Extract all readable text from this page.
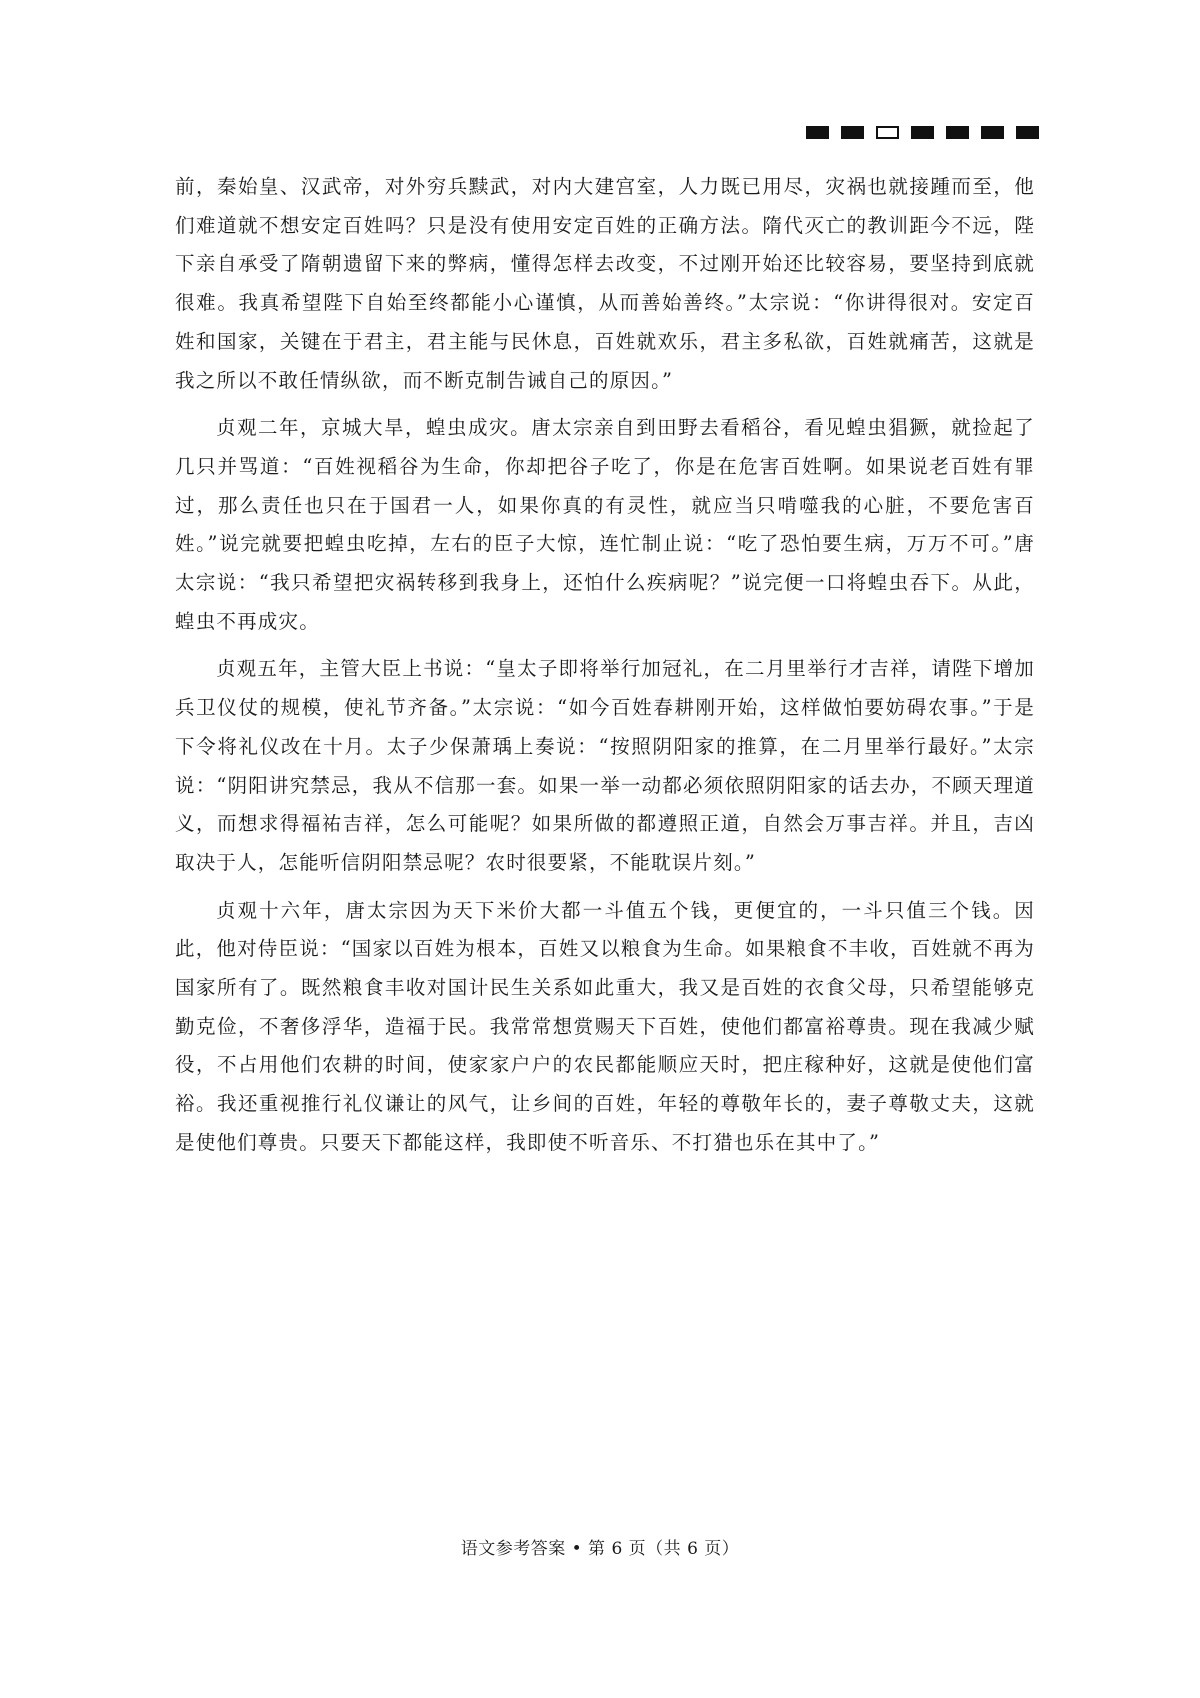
前，秦始皇、汉武帝，对外穷兵黩武，对内大建宫室，人力既已用尽，灾祸也就接踵而至，他们难道就不想安定百姓吗？只是没有使用安定百姓的正确方法。隋代灭亡的教训距今不远，陛下亲自承受了隋朝遗留下来的弊病，懂得怎样去改变，不过刚开始还比较容易，要坚持到底就很难。我真希望陛下自始至终都能小心谨慎，从而善始善终。”太宗说：“你讲得很对。安定百姓和国家，关键在于君主，君主能与民休息，百姓就欢乐，君主多私欲，百姓就痛苦，这就是我之所以不敢任情纵欲，而不断克制告诫自己的原因。”

贞观二年，京城大旱，蝗虫成灾。唐太宗亲自到田野去看稻谷，看见蝗虫猖獗，就捡起了几只并骂道：“百姓视稻谷为生命，你却把谷子吃了，你是在危害百姓啊。如果说老百姓有罪过，那么责任也只在于国君一人，如果你真的有灵性，就应当只啃噬我的心脏，不要危害百姓。”说完就要把蝗虫吃掉，左右的臣子大惊，连忙制止说：“吃了恐怕要生病，万万不可。”唐太宗说：“我只希望把灾祸转移到我身上，还怕什么疾病呢？”说完便一口将蝗虫吞下。从此，蝗虫不再成灾。

贞观五年，主管大臣上书说：“皇太子即将举行加冠礼，在二月里举行才吉祥，请陛下增加兵卫仪仗的规模，使礼节齐备。”太宗说：“如今百姓春耕刚开始，这样做怕要妨碍农事。”于是下令将礼仪改在十月。太子少保萧瑀上奏说：“按照阴阳家的推算，在二月里举行最好。”太宗说：“阴阳讲究禁忌，我从不信那一套。如果一举一动都必须依照阴阳家的话去办，不顾天理道义，而想求得福祐吉祥，怎么可能呢？如果所做的都遵照正道，自然会万事吉祥。并且，吉凶取决于人，怎能听信阴阳禁忌呢？农时很要紧，不能耽误片刻。”

贞观十六年，唐太宗因为天下米价大都一斗值五个钱，更便宜的，一斗只值三个钱。因此，他对侍臣说：“国家以百姓为根本，百姓又以粮食为生命。如果粮食不丰收，百姓就不再为国家所有了。既然粮食丰收对国计民生关系如此重大，我又是百姓的衣食父母，只希望能够克勤克俭，不奢侈浮华，造福于民。我常常想赏赐天下百姓，使他们都富裕尊贵。现在我减少赋役，不占用他们农耕的时间，使家家户户的农民都能顺应天时，把庄稼种好，这就是使他们富裕。我还重视推行礼仪谦让的风气，让乡间的百姓，年轻的尊敬年长的，妻子尊敬丈夫，这就是使他们尊贵。只要天下都能这样，我即使不听音乐、不打猎也乐在其中了。”

语文参考答案 • 第 6 页（共 6 页）
